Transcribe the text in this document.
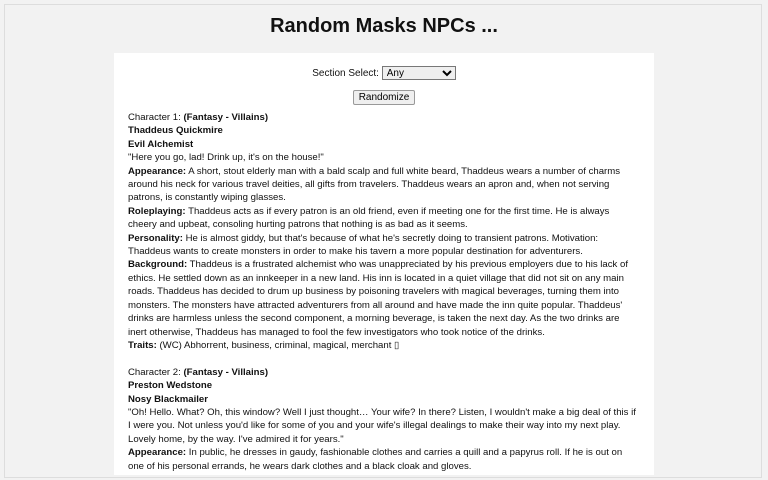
Random Masks NPCs ...
Section Select:
Any
Randomize
Character 1: (Fantasy - Villains)
Thaddeus Quickmire
Evil Alchemist
"Here you go, lad! Drink up, it's on the house!"
Appearance: A short, stout elderly man with a bald scalp and full white beard, Thaddeus wears a number of charms around his neck for various travel deities, all gifts from travelers. Thaddeus wears an apron and, when not serving patrons, is constantly wiping glasses.
Roleplaying: Thaddeus acts as if every patron is an old friend, even if meeting one for the first time. He is always cheery and upbeat, consoling hurting patrons that nothing is as bad as it seems.
Personality: He is almost giddy, but that's because of what he's secretly doing to transient patrons. Motivation: Thaddeus wants to create monsters in order to make his tavern a more popular destination for adventurers.
Background: Thaddeus is a frustrated alchemist who was unappreciated by his previous employers due to his lack of ethics. He settled down as an innkeeper in a new land. His inn is located in a quiet village that did not sit on any main roads. Thaddeus has decided to drum up business by poisoning travelers with magical beverages, turning them into monsters. The monsters have attracted adventurers from all around and have made the inn quite popular. Thaddeus' drinks are harmless unless the second component, a morning beverage, is taken the next day. As the two drinks are inert otherwise, Thaddeus has managed to fool the few investigators who took notice of the drinks.
Traits: (WC) Abhorrent, business, criminal, magical, merchant ▯
Character 2: (Fantasy - Villains)
Preston Wedstone
Nosy Blackmailer
"Oh! Hello. What? Oh, this window? Well I just thought… Your wife? In there? Listen, I wouldn't make a big deal of this if I were you. Not unless you'd like for some of you and your wife's illegal dealings to make their way into my next play. Lovely home, by the way. I've admired it for years."
Appearance: In public, he dresses in gaudy, fashionable clothes and carries a quill and a papyrus roll. If he is out on one of his personal errands, he wears dark clothes and a black cloak and gloves.
